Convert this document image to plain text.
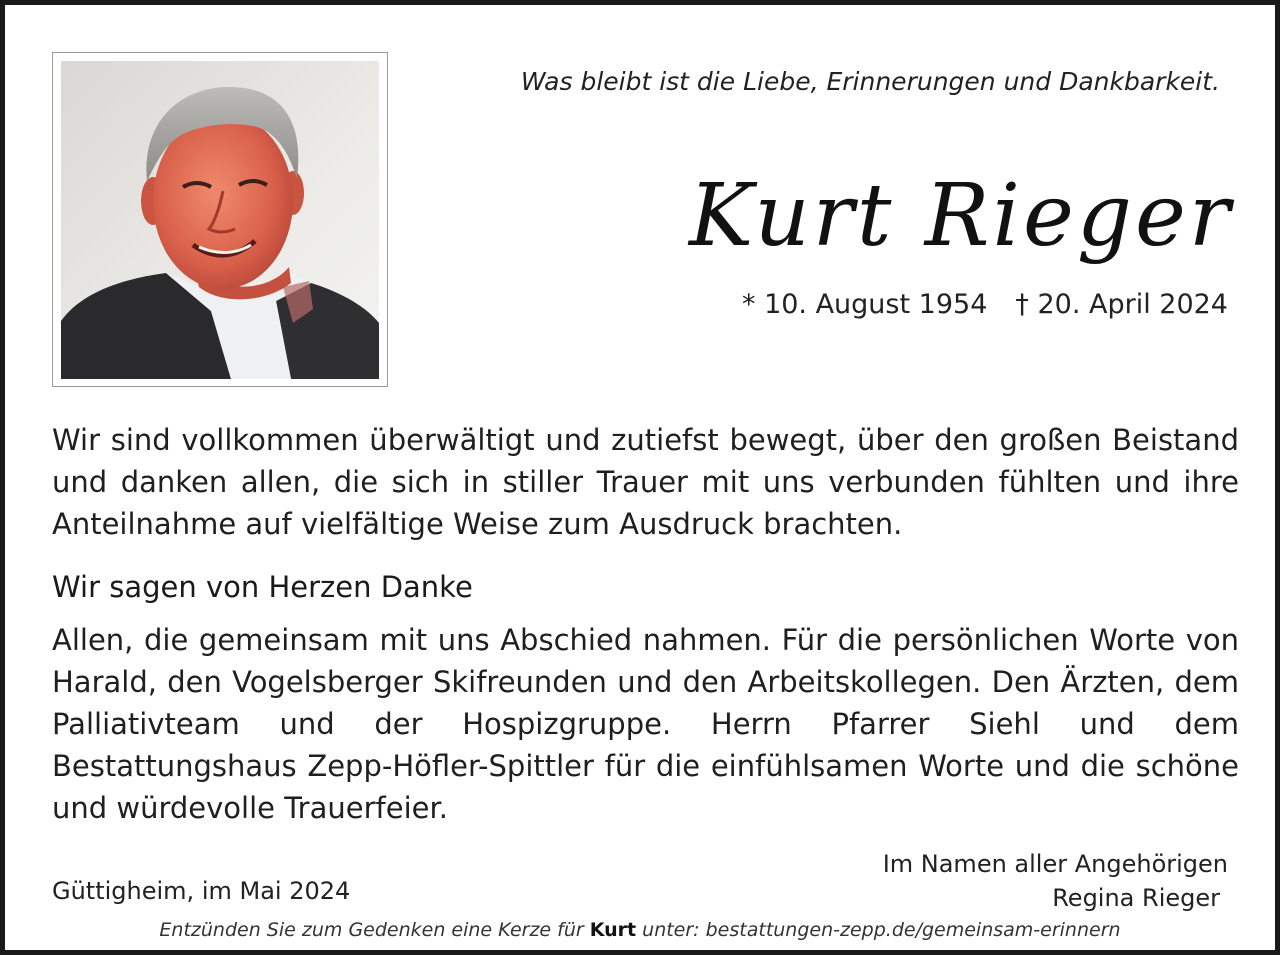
Was bleibt ist die Liebe, Erinnerungen und Dankbarkeit.
Kurt Rieger
* 10. August 1954 † 20. April 2024
Wir sind vollkommen überwältigt und zutiefst bewegt, über den großen Beistand und danken allen, die sich in stiller Trauer mit uns verbunden fühlten und ihre Anteilnahme auf vielfältige Weise zum Ausdruck brachten.
Wir sagen von Herzen Danke
Allen, die gemeinsam mit uns Abschied nahmen. Für die persönlichen Worte von Harald, den Vogelsberger Skifreunden und den Arbeitskollegen. Den Ärzten, dem Palliativteam und der Hospizgruppe. Herrn Pfarrer Siehl und dem Bestattungshaus Zepp-Höfler-Spittler für die einfühlsamen Worte und die schöne und würdevolle Trauerfeier.
Güttigheim, im Mai 2024
Im Namen aller Angehörigen
Regina Rieger
Entzünden Sie zum Gedenken eine Kerze für Kurt unter: bestattungen-zepp.de/gemeinsam-erinnern
